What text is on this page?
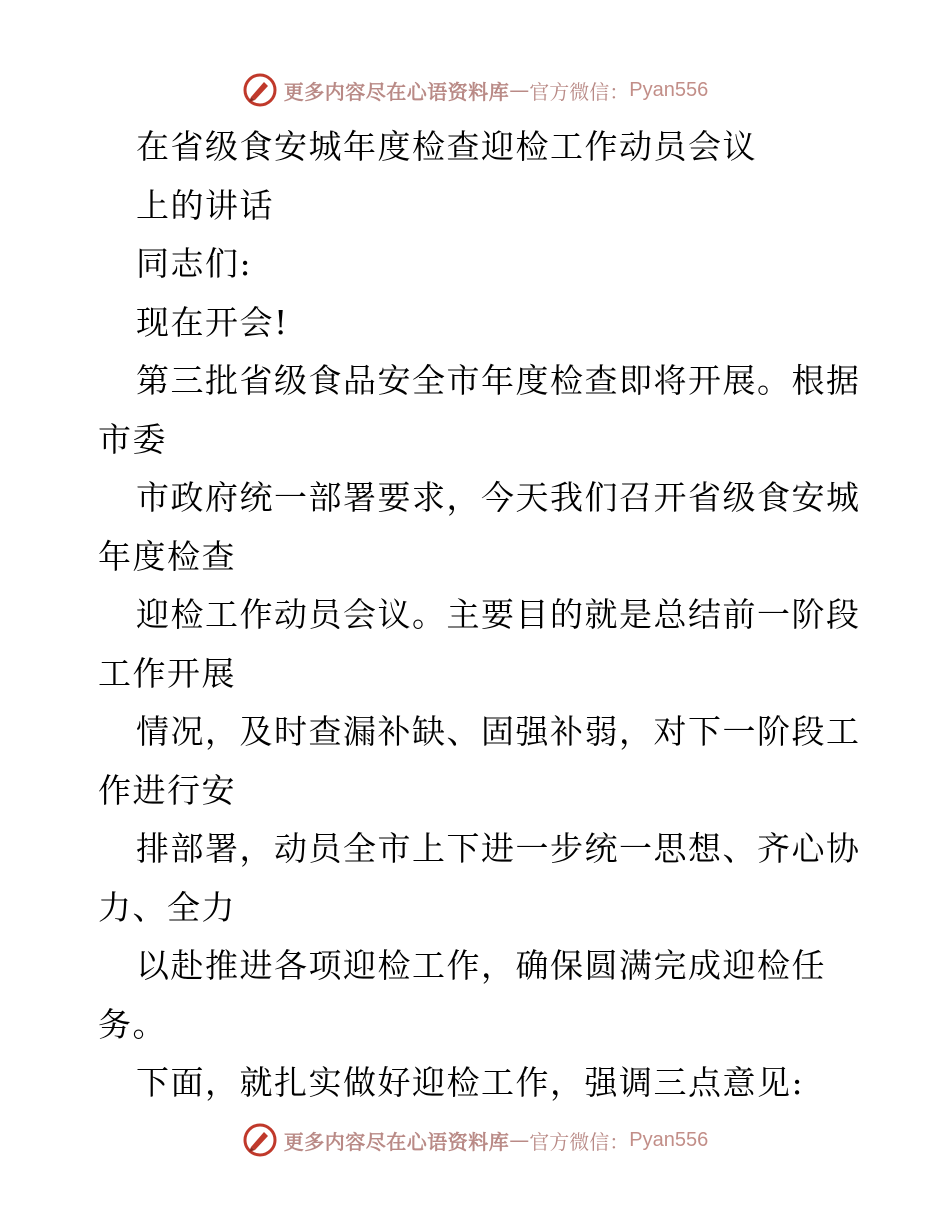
更多内容尽在心语资料库 — 官方微信： Pyan556
在省级食安城年度检查迎检工作动员会议
上的讲话
同志们:
现在开会!
第三批省级食品安全市年度检查即将开展。根据
市委
市政府统一部署要求，今天我们召开省级食安城
年度检查
迎检工作动员会议。主要目的就是总结前一阶段
工作开展
情况，及时查漏补缺、固强补弱，对下一阶段工
作进行安
排部署，动员全市上下进一步统一思想、齐心协
力、全力
以赴推进各项迎检工作，确保圆满完成迎检任
务。
下面，就扎实做好迎检工作，强调三点意见:
更多内容尽在心语资料库 — 官方微信： Pyan556
